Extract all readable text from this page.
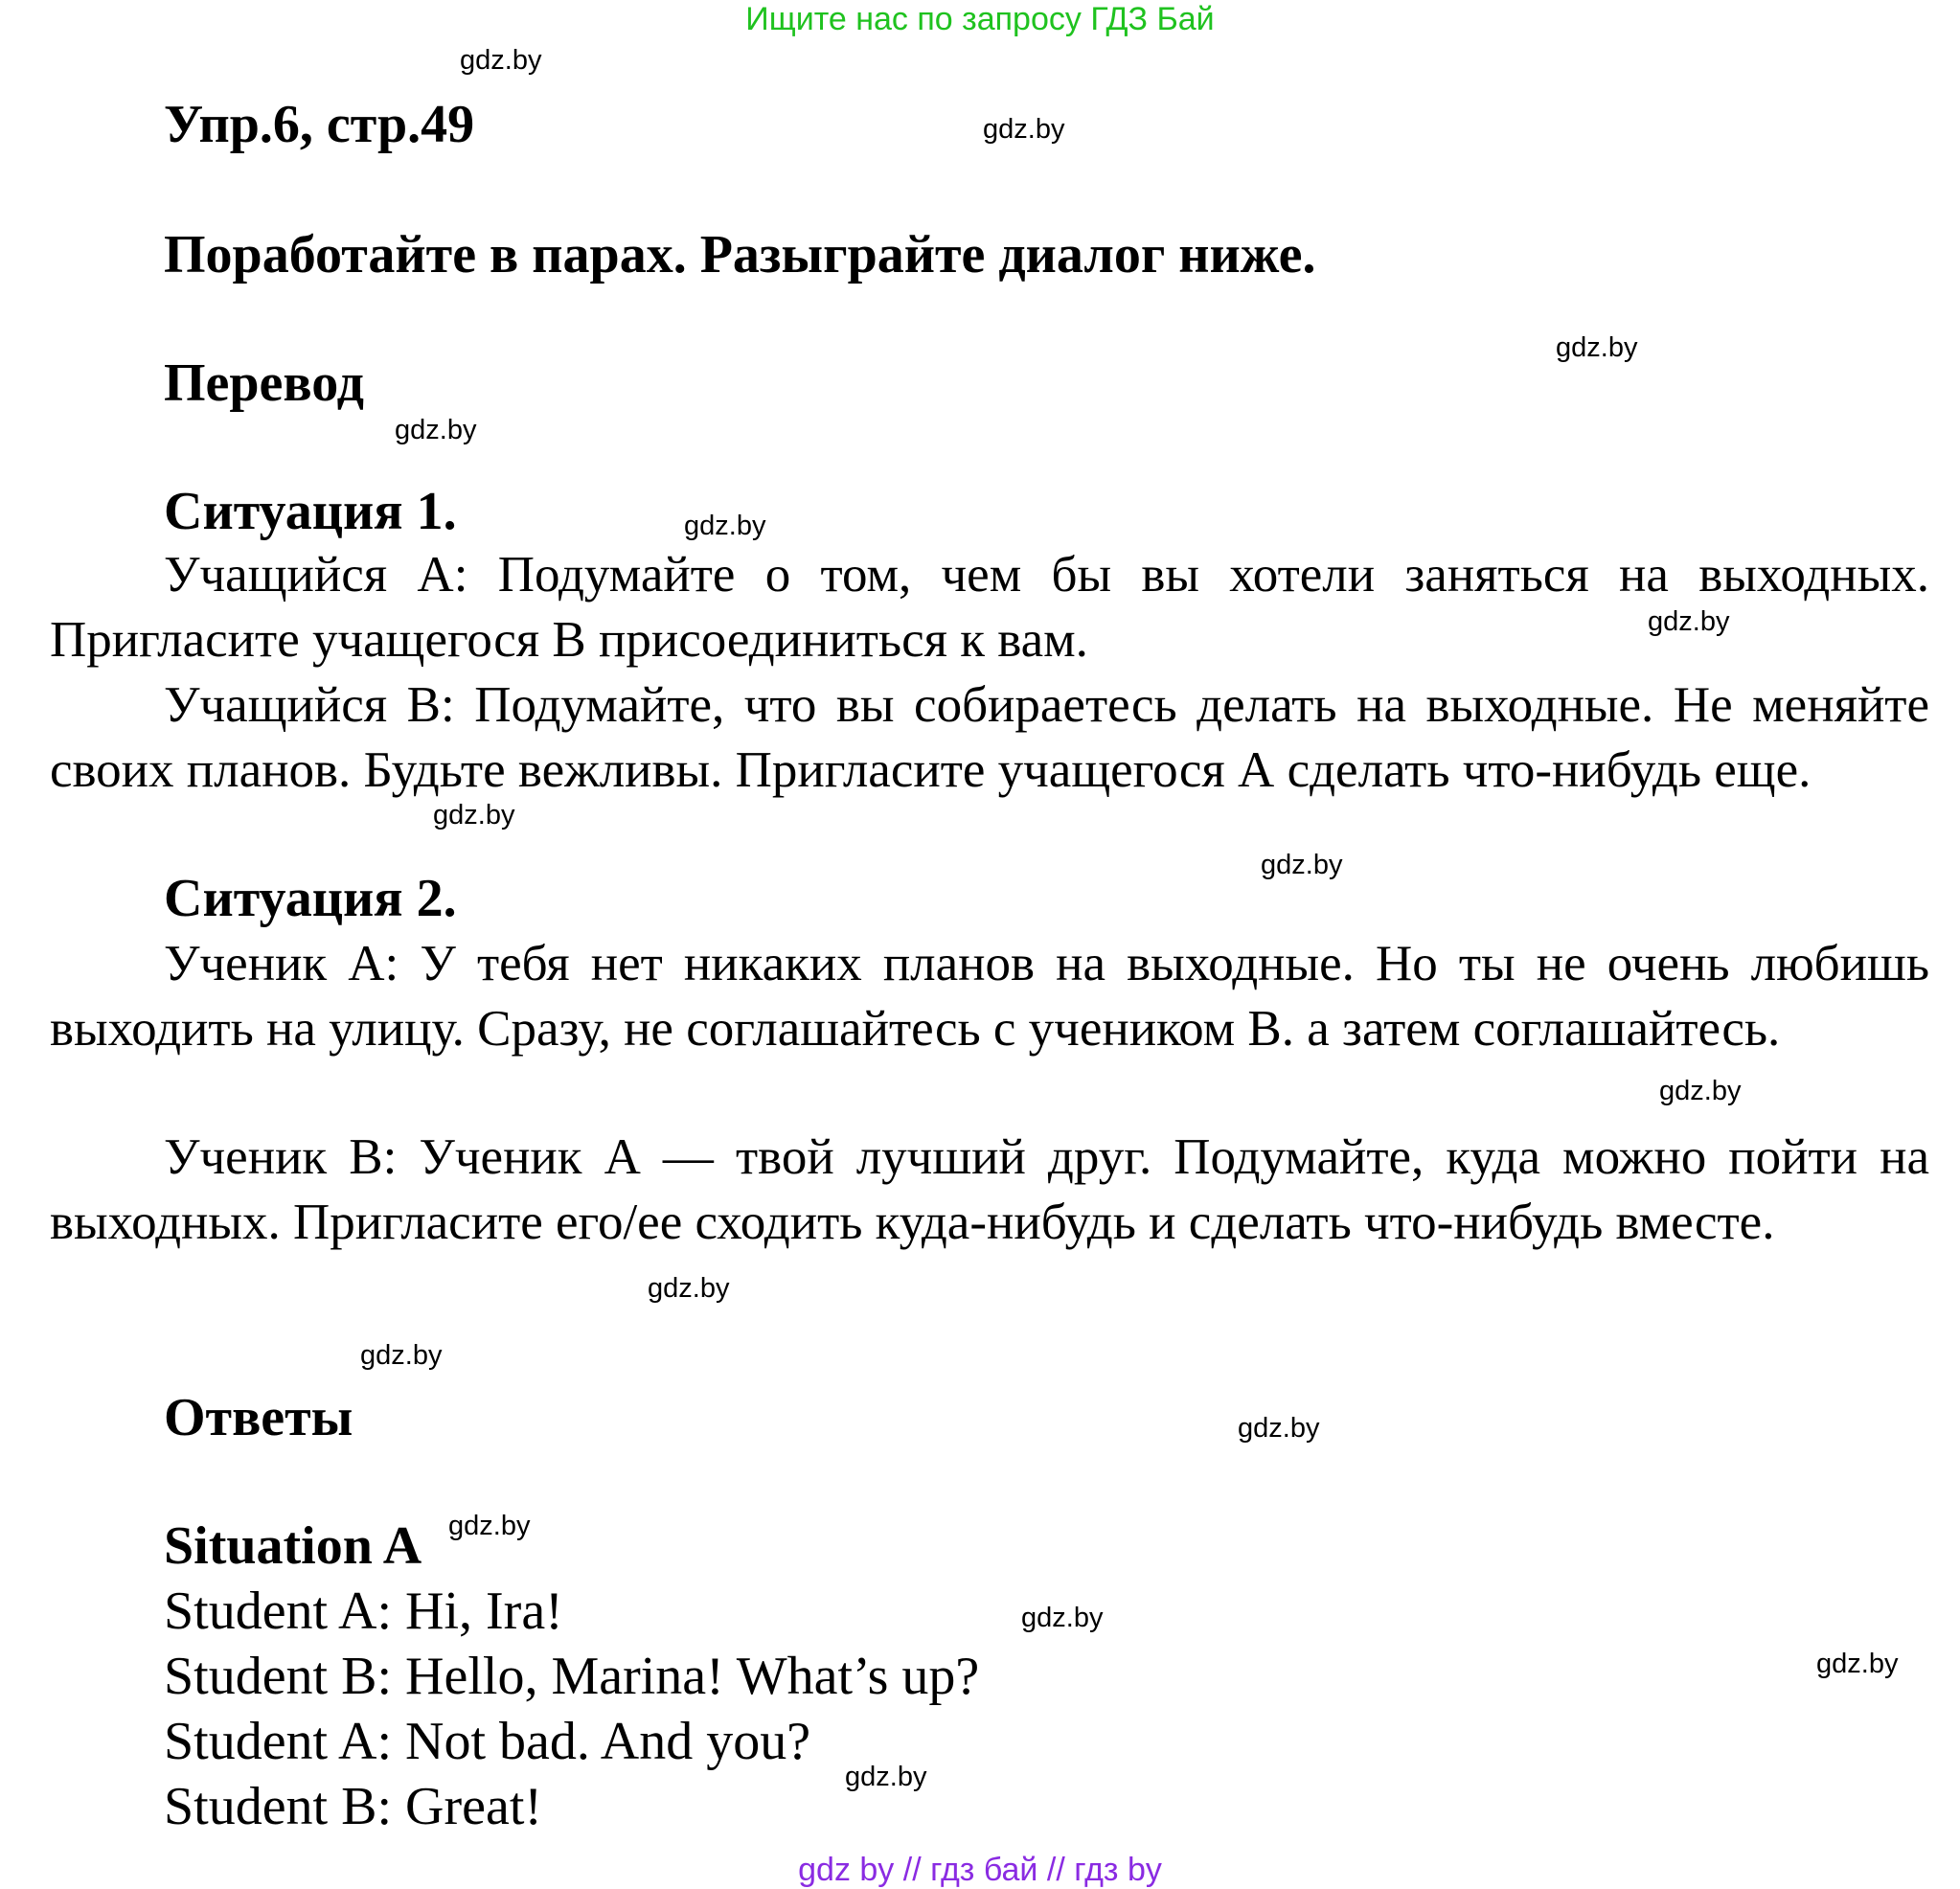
Ищите нас по запросу ГДЗ Бай
Упр.6, стр.49
Поработайте в парах. Разыграйте диалог ниже.
Перевод
Ситуация 1.

Учащийся А: Подумайте о том, чем бы вы хотели заняться на выходных. Пригласите учащегося В присоединиться к вам.

Учащийся В: Подумайте, что вы собираетесь делать на выходные. Не меняйте своих планов. Будьте вежливы. Пригласите учащегося А сделать что-нибудь еще.

Ситуация 2.

Ученик А: У тебя нет никаких планов на выходные. Но ты не очень любишь выходить на улицу. Сразу, не соглашайтесь с учеником В. а затем соглашайтесь.

Ученик В: Ученик А — твой лучший друг. Подумайте, куда можно пойти на выходных. Пригласите его/ее сходить куда-нибудь и сделать что-нибудь вместе.

Ответы
Situation A
Student A: Hi, Ira!
Student B: Hello, Marina! What’s up?
Student A: Not bad. And you?
Student B: Great!
gdz.by
gdz.by
gdz.by
gdz.by
gdz.by
gdz.by
gdz.by
gdz.by
gdz.by
gdz.by
gdz.by
gdz.by
gdz.by
gdz.by
gdz.by
gdz.by
gdz by // гдз бай // гдз by
